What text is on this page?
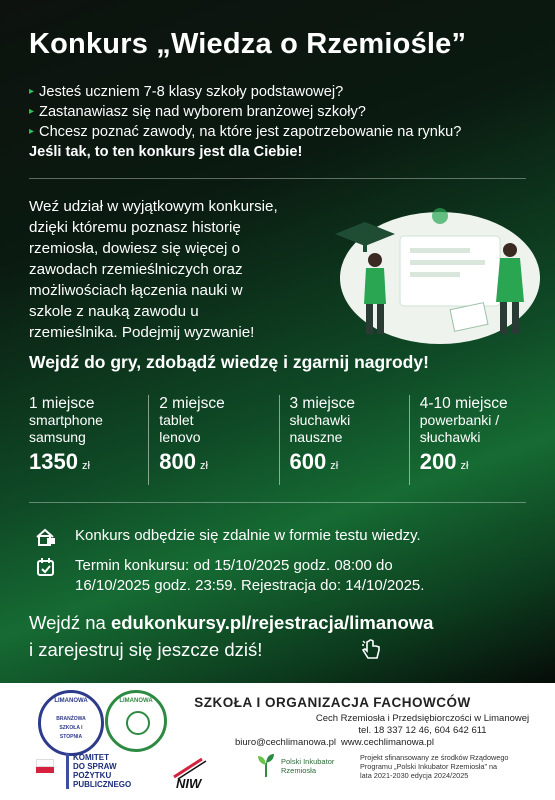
Konkurs „Wiedza o Rzemiośle”
▸ Jesteś uczniem 7-8 klasy szkoły podstawowej?
▸ Zastanawiasz się nad wyborem branżowej szkoły?
▸ Chcesz poznać zawody, na które jest zapotrzebowanie na rynku?
Jeśli tak, to ten konkurs jest dla Ciebie!
Weź udział w wyjątkowym konkursie,
dzięki któremu poznasz historię
rzemiosła, dowiesz się więcej o
zawodach rzemieślniczych oraz
możliwościach łączenia nauki w
szkole z nauką zawodu u
rzemieślnika. Podejmij wyzwanie!
Wejdź do gry, zdobądź wiedzę i zgarnij nagrody!
1 miejsce
smartphone
samsung
1350 zł
2 miejsce
tablet
lenovo
800 zł
3 miejsce
słuchawki
nauszne
600 zł
4-10 miejsce
powerbanki /
słuchawki
200 zł
Konkurs odbędzie się zdalnie w formie testu wiedzy.
Termin konkursu: od 15/10/2025 godz. 08:00 do
16/10/2025 godz. 23:59. Rejestracja do: 14/10/2025.
Wejdź na edukonkursy.pl/rejestracja/limanowa
i zarejestruj się jeszcze dziś!
LIMANOWA
BRANŻOWA SZKOŁA I STOPNIA
LIMANOWA	SZKOŁA I ORGANIZACJA FACHOWCÓW
Cech Rzemiosła i Przedsiębiorczości w Limanowej
tel. 18 337 12 46, 604 642 611
biuro@cechlimanowa.pl www.cechlimanowa.pl
KOMITET
DO SPRAW
POŻYTKU
PUBLICZNEGO	NIW
Polski Inkubator
Rzemiosła
Projekt sfinansowany ze środków Rządowego
Programu „Polski Inkubator Rzemiosła” na
lata 2021-2030 edycja 2024/2025
